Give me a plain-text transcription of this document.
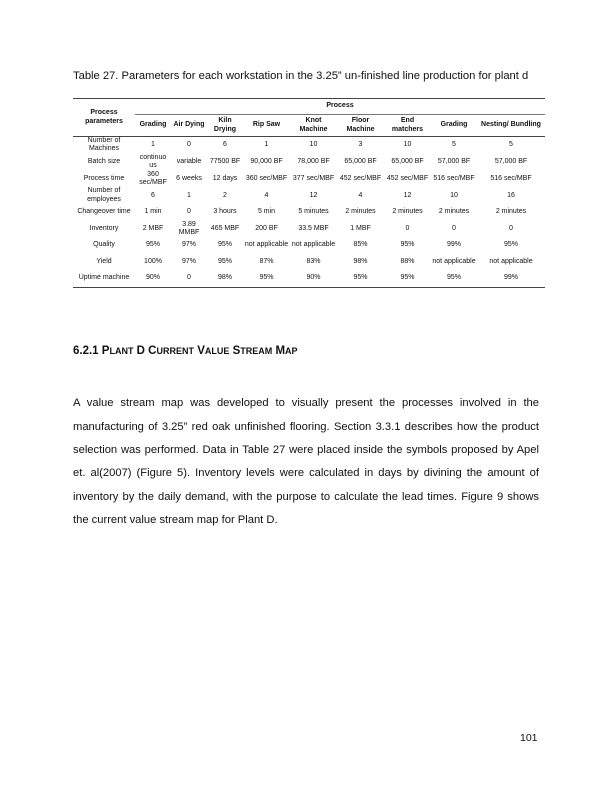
Table 27. Parameters for each workstation in the 3.25” un-finished line production for plant d
Process parameters	Process								
	Grading	Air Dying	Kiln Drying	Rip Saw	Knot Machine	Floor Machine	End matchers	Grading	Nesting/ Bundling
Number of Machines	1	0	6	1	10	3	10	5	5
Batch size	continuo us	variable	77500 BF	90,000 BF	78,000 BF	65,000 BF	65,000 BF	57,000 BF	57,000 BF
Process time	360 sec/MBF	6 weeks	12 days	360 sec/MBF	377 sec/MBF	452 sec/MBF	452 sec/MBF	516 sec/MBF	516 sec/MBF
Number of employees	6	1	2	4	12	4	12	10	16
Changeover time	1 min	0	3 hours	5 min	5 minutes	2 minutes	2 minutes	2 minutes	2 minutes
Inventory	2 MBF	3.89 MMBF	465 MBF	200 BF	33.5 MBF	1 MBF	0	0	0
Quality	95%	97%	95%	not applicable	not applicable	85%	95%	99%	95%
Yield	100%	97%	95%	87%	83%	98%	88%	not applicable	not applicable
Uptime machine	90%	0	98%	95%	90%	95%	95%	95%	99%
6.2.1 PLANT D CURRENT VALUE STREAM MAP

A value stream map was developed to visually present the processes involved in the manufacturing of 3.25” red oak unfinished flooring. Section 3.3.1 describes how the product selection was performed. Data in Table 27 were placed inside the symbols proposed by Apel et. al(2007) (Figure 5). Inventory levels were calculated in days by divining the amount of inventory by the daily demand, with the purpose to calculate the lead times. Figure 9 shows the current value stream map for Plant D.

101
